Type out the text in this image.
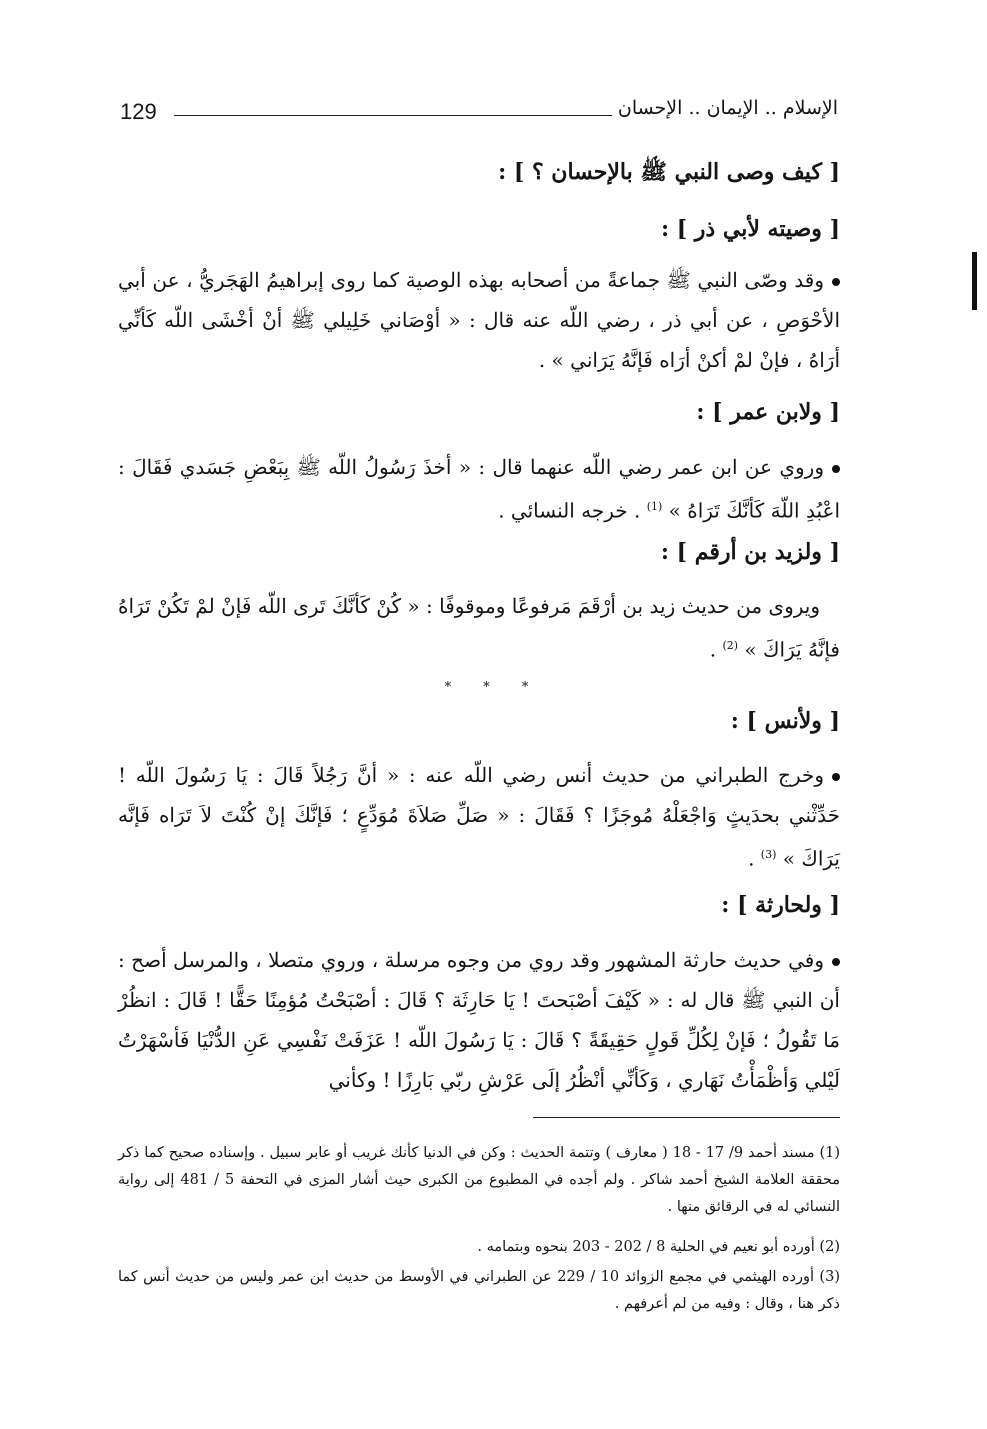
129	الإسلام .. الإيمان .. الإحسان
[ كيف وصى النبي ﷺ بالإحسان ؟ ] :
[ وصيته لأبي ذر ] :
وقد وصّى النبي ﷺ جماعةً من أصحابه بهذه الوصية كما روى إبراهيمُ الهَجَريُّ ، عن أبي الأحْوَصِ ، عن أبي ذر ، رضي اللّه عنه قال : « أوْصَاني خَلِيلي ﷺ أنْ أخْشَى اللّه كَأنِّي أرَاهُ ، فإنْ لمْ أكنْ أرَاه فَإنَّهُ يَرَاني » .
[ ولابن عمر ] :
وروي عن ابن عمر رضي اللّه عنهما قال : « أخذَ رَسُولُ اللّه ﷺ بِبَعْضِ جَسَدي فَقَالَ : اعْبُدِ اللّهَ كَأنَّكَ تَرَاهُ » $^{(1)}$ . خرجه النسائي .
[ ولزيد بن أرقم ] :
ويروى من حديث زيد بن أرْقَمَ مَرفوعًا وموقوفًا : « كُنْ كَأنَّكَ تَرى اللّه فَإنْ لمْ تَكُنْ تَرَاهُ فإنَّهُ يَرَاكَ » $^{(2)}$ .
* * *
[ ولأنس ] :
وخرج الطبراني من حديث أنس رضي اللّه عنه : « أنَّ رَجُلاً قَالَ : يَا رَسُولَ اللّه ! حَدِّثْني بحدَيثٍ وَاجْعَلْهُ مُوجَزًا ؟ فَقَالَ : « صَلِّ صَلاَةَ مُوَدِّعٍ ؛ فَإنَّكَ إنْ كُنْتَ لاَ تَرَاه فَإنَّه يَرَاكَ » $^{(3)}$ .
[ ولحارثة ] :
وفي حديث حارثة المشهور وقد روي من وجوه مرسلة ، وروي متصلا ، والمرسل أصح : أن النبي ﷺ قال له : « كَيْفَ أصْبَحتَ ! يَا حَارِثَة ؟ قَالَ : أصْبَحْتُ مُؤمِنًا حَقًّا ! قَالَ : انظُرْ مَا تَقُولُ ؛ فَإنْ لِكُلِّ قَولٍ حَقِيقَةً ؟ قَالَ : يَا رَسُولَ اللّه ! عَزَفَتْ نَفْسِي عَنِ الدُّنْيَا فَأسْهَرْتُ لَيْلي وَأظْمَأْتُ نَهَاري ، وَكَأنِّي أنْظُرُ إلَى عَرْشِ ربّي بَارِزًا ! وكأني
(1) مسند أحمد 9/ 17 - 18 ( معارف ) وتتمة الحديث : وكن في الدنيا كأنك غريب أو عابر سبيل . وإسناده صحيح كما ذكر محققة العلامة الشيخ أحمد شاكر . ولم أجده في المطبوع من الكبرى حيث أشار المزى في التحفة 5 / 481 إلى رواية النسائي له في الرقائق منها .
(2) أورده أبو نعيم في الحلية 8 / 202 - 203 بنحوه وبتمامه .
(3) أورده الهيثمي في مجمع الزوائد 10 / 229 عن الطبراني في الأوسط من حديث ابن عمر وليس من حديث أنس كما ذكر هنا ، وقال : وفيه من لم أعرفهم .
